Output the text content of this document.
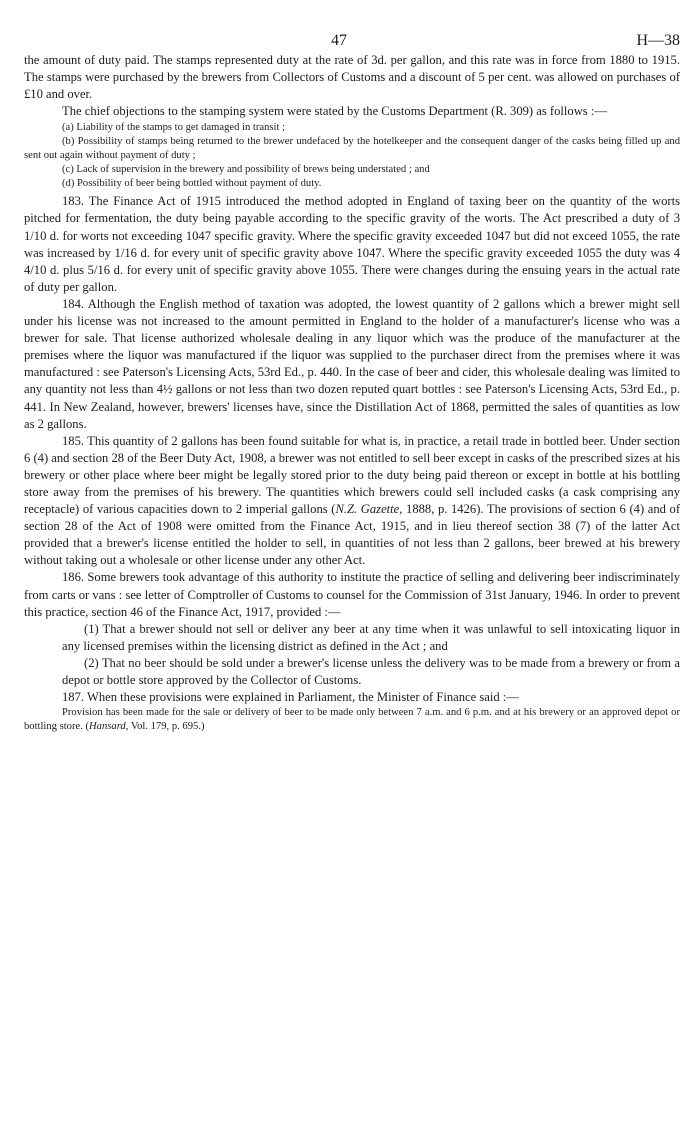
47	H—38

the amount of duty paid. The stamps represented duty at the rate of 3d. per gallon, and this rate was in force from 1880 to 1915. The stamps were purchased by the brewers from Collectors of Customs and a discount of 5 per cent. was allowed on purchases of £10 and over.

The chief objections to the stamping system were stated by the Customs Department (R. 309) as follows :—

(a) Liability of the stamps to get damaged in transit ;

(b) Possibility of stamps being returned to the brewer undefaced by the hotelkeeper and the consequent danger of the casks being filled up and sent out again without payment of duty ;

(c) Lack of supervision in the brewery and possibility of brews being understated ; and

(d) Possibility of beer being bottled without payment of duty.

183. The Finance Act of 1915 introduced the method adopted in England of taxing beer on the quantity of the worts pitched for fermentation, the duty being payable according to the specific gravity of the worts. The Act prescribed a duty of 3 1/10 d. for worts not exceeding 1047 specific gravity. Where the specific gravity exceeded 1047 but did not exceed 1055, the rate was increased by 1/16 d. for every unit of specific gravity above 1047. Where the specific gravity exceeded 1055 the duty was 4 4/10 d. plus 5/16 d. for every unit of specific gravity above 1055. There were changes during the ensuing years in the actual rate of duty per gallon.

184. Although the English method of taxation was adopted, the lowest quantity of 2 gallons which a brewer might sell under his license was not increased to the amount permitted in England to the holder of a manufacturer's license who was a brewer for sale. That license authorized wholesale dealing in any liquor which was the produce of the manufacturer at the premises where the liquor was manufactured if the liquor was supplied to the purchaser direct from the premises where it was manufactured : see Paterson's Licensing Acts, 53rd Ed., p. 440. In the case of beer and cider, this wholesale dealing was limited to any quantity not less than 4½ gallons or not less than two dozen reputed quart bottles : see Paterson's Licensing Acts, 53rd Ed., p. 441. In New Zealand, however, brewers' licenses have, since the Distillation Act of 1868, permitted the sales of quantities as low as 2 gallons.

185. This quantity of 2 gallons has been found suitable for what is, in practice, a retail trade in bottled beer. Under section 6 (4) and section 28 of the Beer Duty Act, 1908, a brewer was not entitled to sell beer except in casks of the prescribed sizes at his brewery or other place where beer might be legally stored prior to the duty being paid thereon or except in bottle at his bottling store away from the premises of his brewery. The quantities which brewers could sell included casks (a cask comprising any receptacle) of various capacities down to 2 imperial gallons (N.Z. Gazette, 1888, p. 1426). The provisions of section 6 (4) and of section 28 of the Act of 1908 were omitted from the Finance Act, 1915, and in lieu thereof section 38 (7) of the latter Act provided that a brewer's license entitled the holder to sell, in quantities of not less than 2 gallons, beer brewed at his brewery without taking out a wholesale or other license under any other Act.

186. Some brewers took advantage of this authority to institute the practice of selling and delivering beer indiscriminately from carts or vans : see letter of Comptroller of Customs to counsel for the Commission of 31st January, 1946. In order to prevent this practice, section 46 of the Finance Act, 1917, provided :—

(1) That a brewer should not sell or deliver any beer at any time when it was unlawful to sell intoxicating liquor in any licensed premises within the licensing district as defined in the Act ; and

(2) That no beer should be sold under a brewer's license unless the delivery was to be made from a brewery or from a depot or bottle store approved by the Collector of Customs.

187. When these provisions were explained in Parliament, the Minister of Finance said :—

Provision has been made for the sale or delivery of beer to be made only between 7 a.m. and 6 p.m. and at his brewery or an approved depot or bottling store. (Hansard, Vol. 179, p. 695.)
